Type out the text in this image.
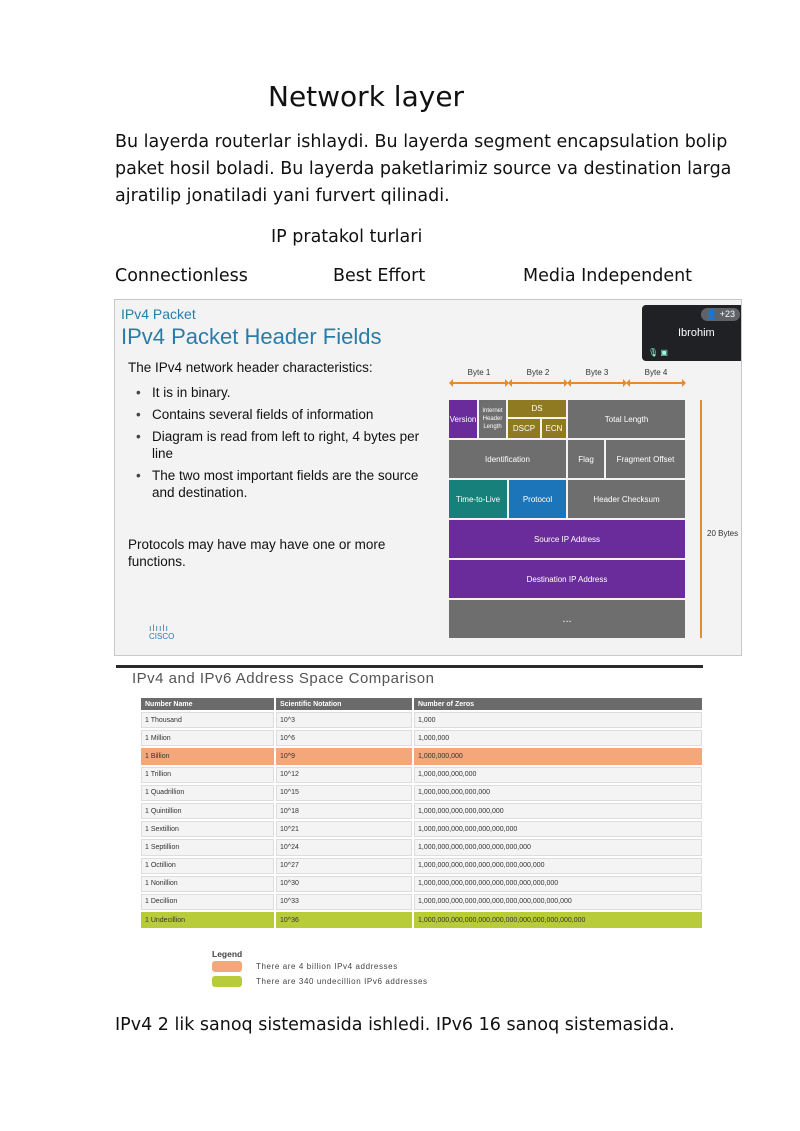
Network layer
Bu layerda routerlar ishlaydi. Bu layerda segment encapsulation bolip paket hosil boladi. Bu layerda paketlarimiz source va destination larga ajratilip jonatiladi yani furvert qilinadi.
IP pratakol turlari
Connectionless	Best Effort	Media Independent
IPv4 Packet
IPv4 Packet Header Fields
The IPv4 network header characteristics:
• It is in binary.
• Contains several fields of information
• Diagram is read from left to right, 4 bytes per line
• The two most important fields are the source and destination.
Protocols may have may have one or more functions.
ılıılı
CISCO
👤 +23
Ibrohim
🎙 ▣
Byte 1	Byte 2	Byte 3	Byte 4
Version
Internet Header Length
DS
DSCP	ECN
Total Length
Identification	Flag	Fragment Offset
Time-to-Live	Protocol	Header Checksum
Source IP Address
Destination IP Address
...
20 Bytes
IPv4 and IPv6 Address Space Comparison
Number Name	Scientific Notation	Number of Zeros
1 Thousand	10^3	1,000
1 Million	10^6	1,000,000
1 Billion	10^9	1,000,000,000
1 Trillion	10^12	1,000,000,000,000
1 Quadrillion	10^15	1,000,000,000,000,000
1 Quintillion	10^18	1,000,000,000,000,000,000
1 Sextillion	10^21	1,000,000,000,000,000,000,000
1 Septillion	10^24	1,000,000,000,000,000,000,000,000
1 Octillion	10^27	1,000,000,000,000,000,000,000,000,000
1 Nonillion	10^30	1,000,000,000,000,000,000,000,000,000,000
1 Decillion	10^33	1,000,000,000,000,000,000,000,000,000,000,000
1 Undecillion	10^36	1,000,000,000,000,000,000,000,000,000,000,000,000
Legend
There are 4 billion IPv4 addresses
There are 340 undecillion IPv6 addresses
IPv4 2 lik sanoq sistemasida ishledi. IPv6 16 sanoq sistemasida.
